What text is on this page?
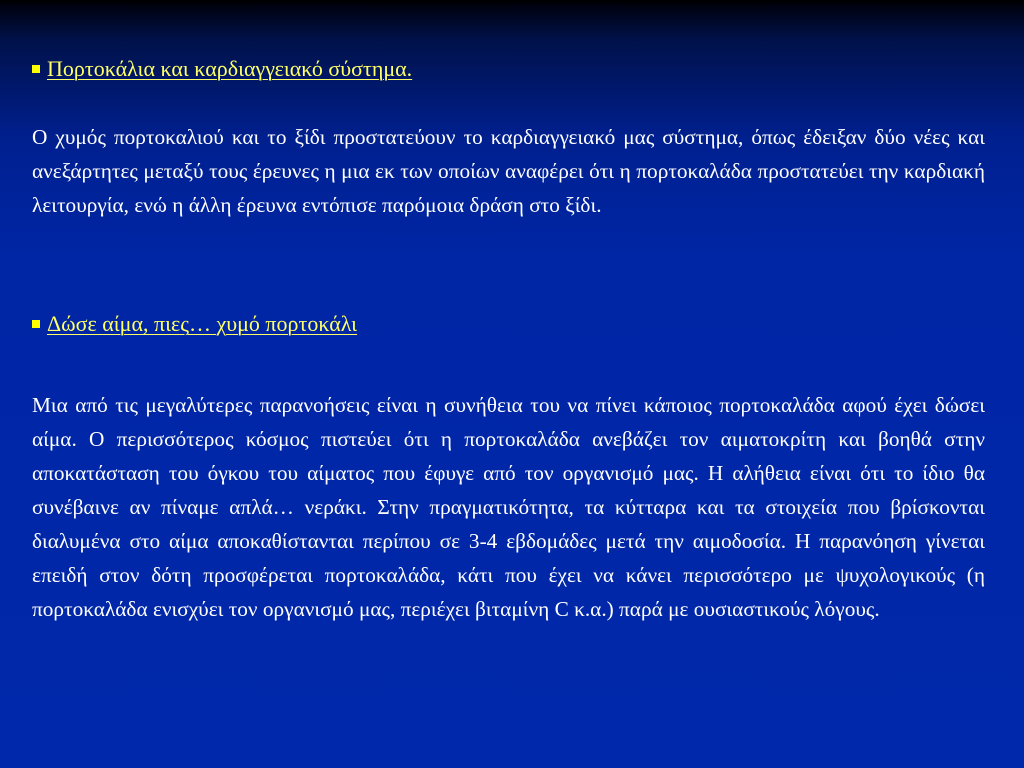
Πορτοκάλια και καρδιαγγειακό σύστημα.
Ο χυμός πορτοκαλιού και το ξίδι προστατεύουν το καρδιαγγειακό μας σύστημα, όπως έδειξαν δύο νέες και ανεξάρτητες μεταξύ τους έρευνες η μια εκ των οποίων αναφέρει ότι η πορτοκαλάδα προστατεύει την καρδιακή λειτουργία, ενώ η άλλη έρευνα εντόπισε παρόμοια δράση στο ξίδι.
Δώσε αίμα, πιες… χυμό πορτοκάλι
Μια από τις μεγαλύτερες παρανοήσεις είναι η συνήθεια του να πίνει κάποιος πορτοκαλάδα αφού έχει δώσει αίμα. Ο περισσότερος κόσμος πιστεύει ότι η πορτοκαλάδα ανεβάζει τον αιματοκρίτη και βοηθά στην αποκατάσταση του όγκου του αίματος που έφυγε από τον οργανισμό μας. Η αλήθεια είναι ότι το ίδιο θα συνέβαινε αν πίναμε απλά… νεράκι. Στην πραγματικότητα, τα κύτταρα και τα στοιχεία που βρίσκονται διαλυμένα στο αίμα αποκαθίστανται περίπου σε 3-4 εβδομάδες μετά την αιμοδοσία. Η παρανόηση γίνεται επειδή στον δότη προσφέρεται πορτοκαλάδα, κάτι που έχει να κάνει περισσότερο με ψυχολογικούς (η πορτοκαλάδα ενισχύει τον οργανισμό μας, περιέχει βιταμίνη C κ.α.) παρά με ουσιαστικούς λόγους.
